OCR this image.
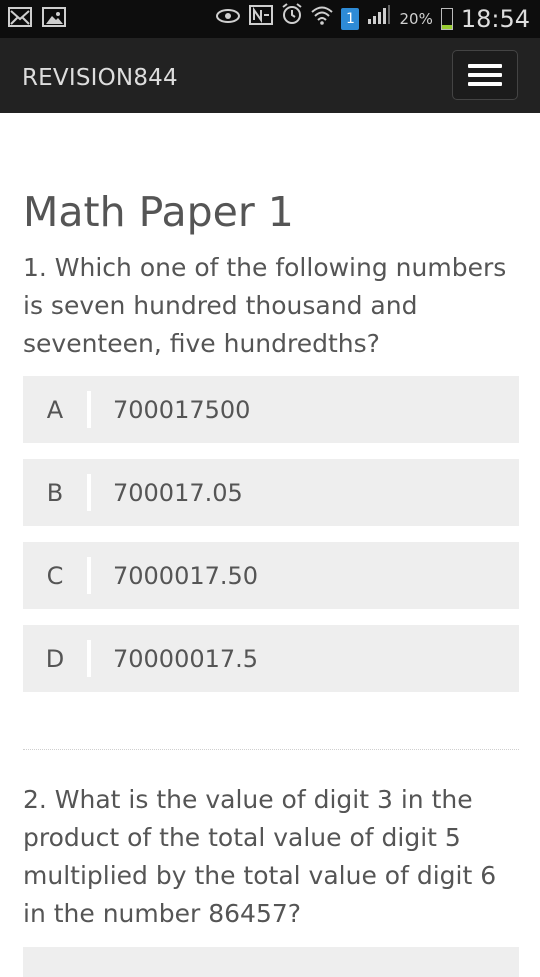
1	20% 18:54
REVISION844
Math Paper 1

1. Which one of the following numbers is seven hundred thousand and seventeen, five hundredths?

A	700017500
B	700017.05
C	7000017.50
D	70000017.5

2. What is the value of digit 3 in the product of the total value of digit 5 multiplied by the total value of digit 6 in the number 86457?
